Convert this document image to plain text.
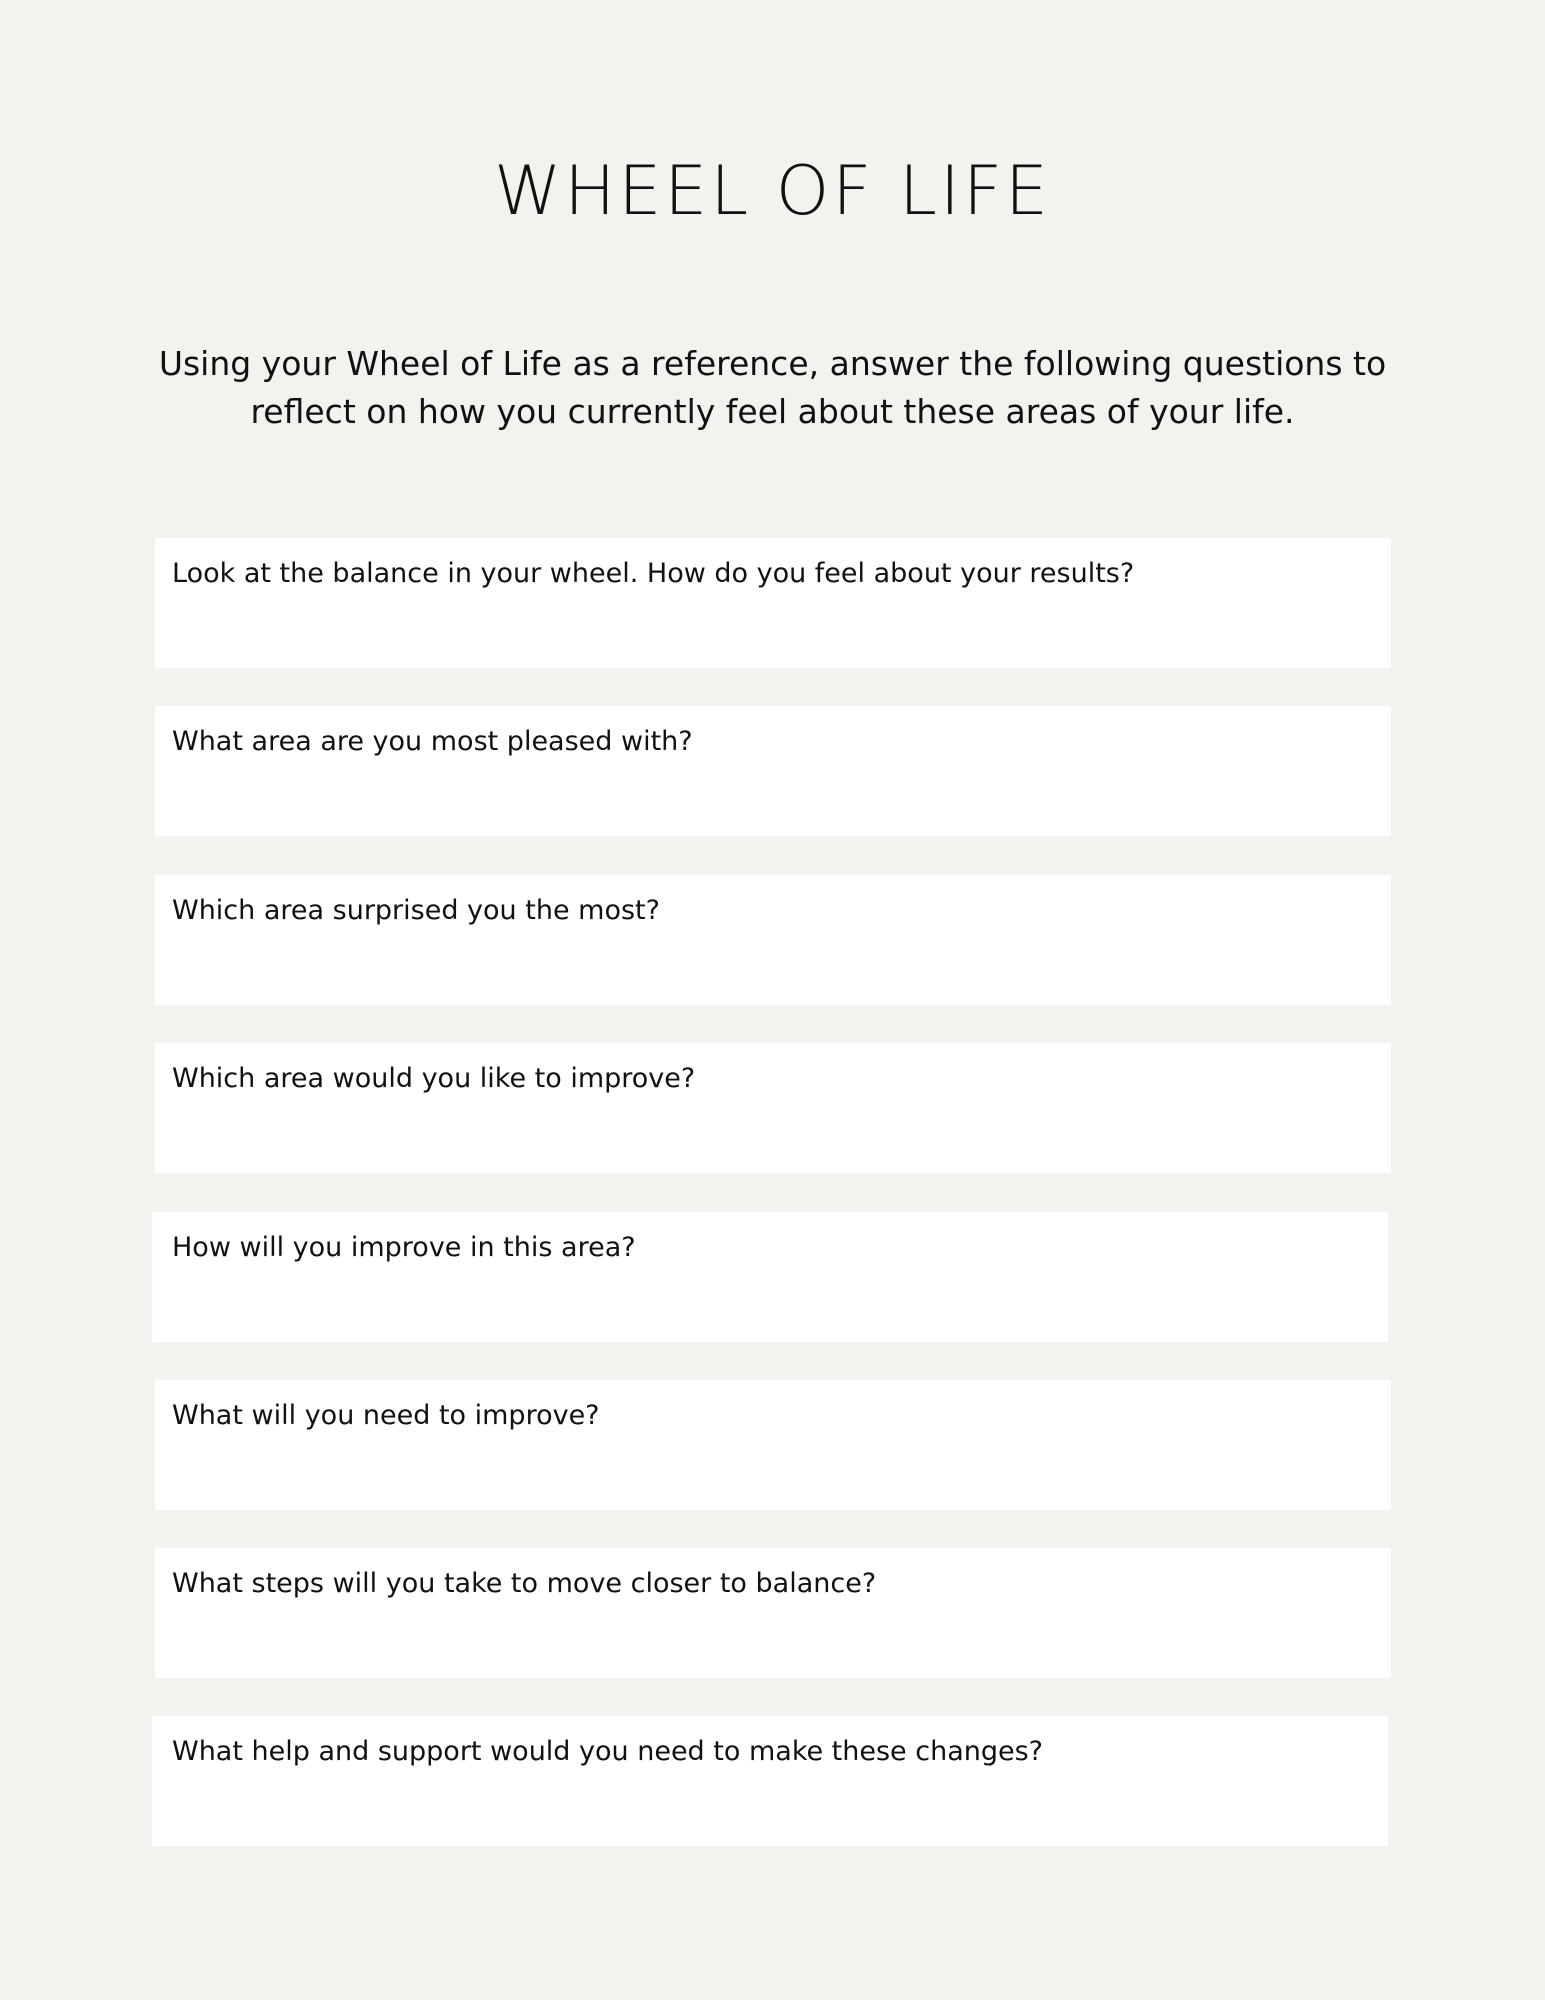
WHEEL OF LIFE

Using your Wheel of Life as a reference, answer the following questions to reflect on how you currently feel about these areas of your life.

Look at the balance in your wheel. How do you feel about your results?
What area are you most pleased with?
Which area surprised you the most?
Which area would you like to improve?
How will you improve in this area?
What will you need to improve?
What steps will you take to move closer to balance?
What help and support would you need to make these changes?
